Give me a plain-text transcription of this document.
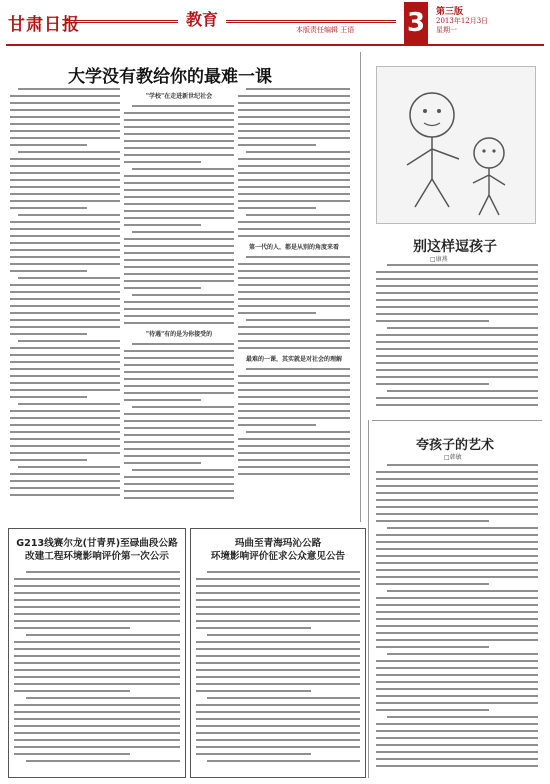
甘肃日报	教育
本版责任编辑 王语 3	第三版
2013年12月3日
星期一
大学没有教给你的最难一课
"学校"在走进新世纪社会
"待遇"有的是为你接受的
第一代的人，都是从别的角度来看
最难的一课，其实就是对社会的理解
别这样逗孩子
□康燕
夸孩子的艺术
□韩敏
G213线赛尔龙(甘青界)至碌曲段公路
改建工程环境影响评价第一次公示
玛曲至青海玛沁公路
环境影响评价征求公众意见公告
